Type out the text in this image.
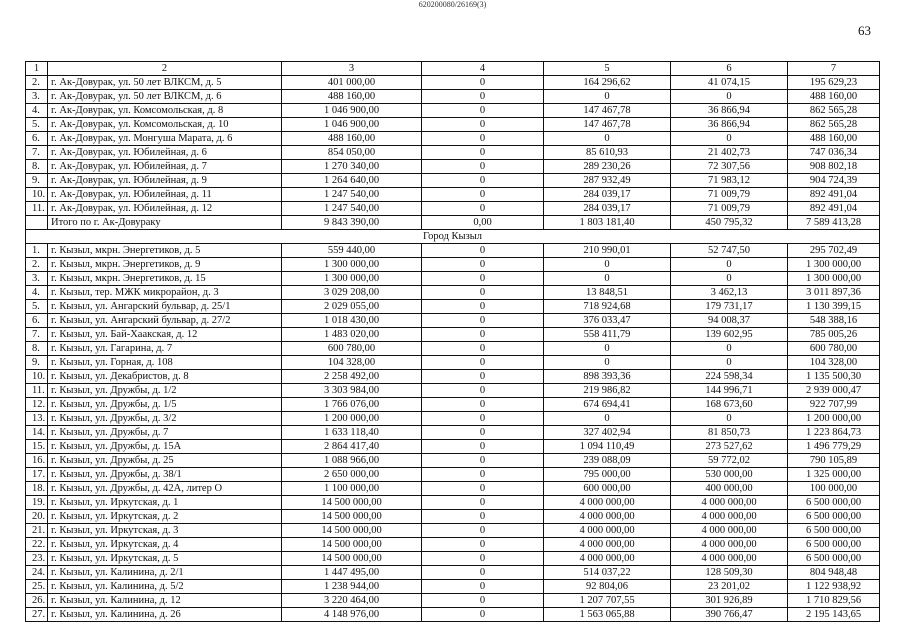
620200080/26169(3)
63
1	2	3	4	5	6	7
2.	г. Ак-Довурак, ул. 50 лет ВЛКСМ, д. 5	401 000,00	0	164 296,62	41 074,15	195 629,23
3.	г. Ак-Довурак, ул. 50 лет ВЛКСМ, д. 6	488 160,00	0	0	0	488 160,00
4.	г. Ак-Довурак, ул. Комсомольская, д. 8	1 046 900,00	0	147 467,78	36 866,94	862 565,28
5.	г. Ак-Довурак, ул. Комсомольская, д. 10	1 046 900,00	0	147 467,78	36 866,94	862 565,28
6.	г. Ак-Довурак, ул. Монгуша Марата, д. 6	488 160,00	0	0	0	488 160,00
7.	г. Ак-Довурак, ул. Юбилейная, д. 6	854 050,00	0	85 610,93	21 402,73	747 036,34
8.	г. Ак-Довурак, ул. Юбилейная, д. 7	1 270 340,00	0	289 230,26	72 307,56	908 802,18
9.	г. Ак-Довурак, ул. Юбилейная, д. 9	1 264 640,00	0	287 932,49	71 983,12	904 724,39
10.	г. Ак-Довурак, ул. Юбилейная, д. 11	1 247 540,00	0	284 039,17	71 009,79	892 491,04
11.	г. Ак-Довурак, ул. Юбилейная, д. 12	1 247 540,00	0	284 039,17	71 009,79	892 491,04
	Итого по г. Ак-Довураку	9 843 390,00	0,00	1 803 181,40	450 795,32	7 589 413,28
Город Кызыл						
1.	г. Кызыл, мкрн. Энергетиков, д. 5	559 440,00	0	210 990,01	52 747,50	295 702,49
2.	г. Кызыл, мкрн. Энергетиков, д. 9	1 300 000,00	0	0	0	1 300 000,00
3.	г. Кызыл, мкрн. Энергетиков, д. 15	1 300 000,00	0	0	0	1 300 000,00
4.	г. Кызыл, тер. МЖК микрорайон, д. 3	3 029 208,00	0	13 848,51	3 462,13	3 011 897,36
5.	г. Кызыл, ул. Ангарский бульвар, д. 25/1	2 029 055,00	0	718 924,68	179 731,17	1 130 399,15
6.	г. Кызыл, ул. Ангарский бульвар, д. 27/2	1 018 430,00	0	376 033,47	94 008,37	548 388,16
7.	г. Кызыл, ул. Бай-Хаакская, д. 12	1 483 020,00	0	558 411,79	139 602,95	785 005,26
8.	г. Кызыл, ул. Гагарина, д. 7	600 780,00	0	0	0	600 780,00
9.	г. Кызыл, ул. Горная, д. 108	104 328,00	0	0	0	104 328,00
10.	г. Кызыл, ул. Декабристов, д. 8	2 258 492,00	0	898 393,36	224 598,34	1 135 500,30
11.	г. Кызыл, ул. Дружбы, д. 1/2	3 303 984,00	0	219 986,82	144 996,71	2 939 000,47
12.	г. Кызыл, ул. Дружбы, д. 1/5	1 766 076,00	0	674 694,41	168 673,60	922 707,99
13.	г. Кызыл, ул. Дружбы, д. 3/2	1 200 000,00	0	0	0	1 200 000,00
14.	г. Кызыл, ул. Дружбы, д. 7	1 633 118,40	0	327 402,94	81 850,73	1 223 864,73
15.	г. Кызыл, ул. Дружбы, д. 15А	2 864 417,40	0	1 094 110,49	273 527,62	1 496 779,29
16.	г. Кызыл, ул. Дружбы, д. 25	1 088 966,00	0	239 088,09	59 772,02	790 105,89
17.	г. Кызыл, ул. Дружбы, д. 38/1	2 650 000,00	0	795 000,00	530 000,00	1 325 000,00
18.	г. Кызыл, ул. Дружбы, д. 42А, литер О	1 100 000,00	0	600 000,00	400 000,00	100 000,00
19.	г. Кызыл, ул. Иркутская, д. 1	14 500 000,00	0	4 000 000,00	4 000 000,00	6 500 000,00
20.	г. Кызыл, ул. Иркутская, д. 2	14 500 000,00	0	4 000 000,00	4 000 000,00	6 500 000,00
21.	г. Кызыл, ул. Иркутская, д. 3	14 500 000,00	0	4 000 000,00	4 000 000,00	6 500 000,00
22.	г. Кызыл, ул. Иркутская, д. 4	14 500 000,00	0	4 000 000,00	4 000 000,00	6 500 000,00
23.	г. Кызыл, ул. Иркутская, д. 5	14 500 000,00	0	4 000 000,00	4 000 000,00	6 500 000,00
24.	г. Кызыл, ул. Калинина, д. 2/1	1 447 495,00	0	514 037,22	128 509,30	804 948,48
25.	г. Кызыл, ул. Калинина, д. 5/2	1 238 944,00	0	92 804,06	23 201,02	1 122 938,92
26.	г. Кызыл, ул. Калинина, д. 12	3 220 464,00	0	1 207 707,55	301 926,89	1 710 829,56
27.	г. Кызыл, ул. Калинина, д. 26	4 148 976,00	0	1 563 065,88	390 766,47	2 195 143,65
